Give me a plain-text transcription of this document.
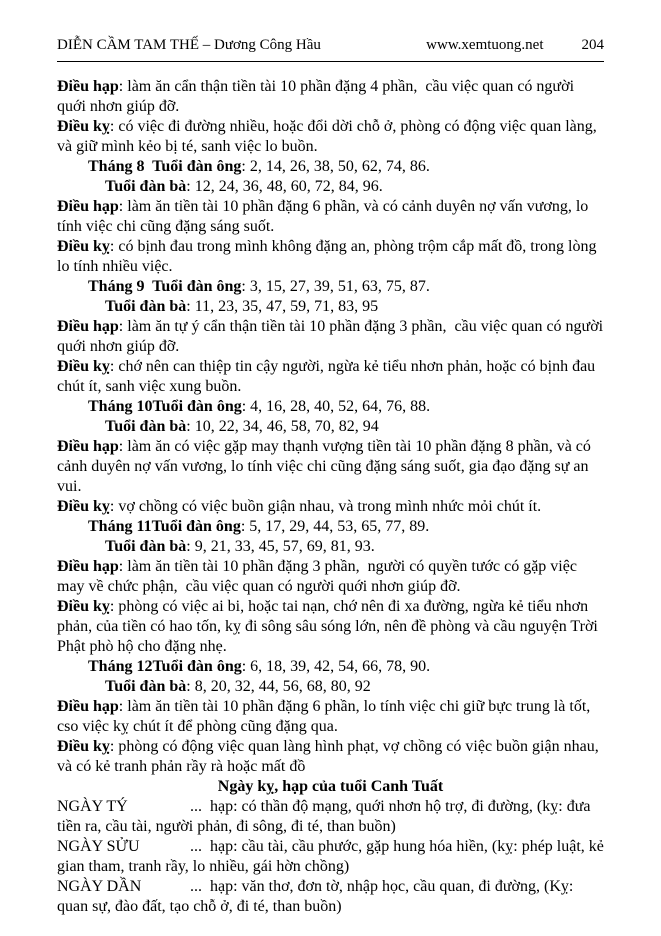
DIỄN CẦM TAM THẾ – Dương Công Hầu	www.xemtuong.net	204
Điều hạp: làm ăn cẩn thận tiền tài 10 phần đặng 4 phần,  cầu việc quan có người quới nhơn giúp đỡ.
Điều kỵ: có việc đi đường nhiều, hoặc đổi dời chỗ ở, phòng có động việc quan làng, và giữ mình kẻo bị té, sanh việc lo buồn.
Tháng 8  Tuổi đàn ông: 2, 14, 26, 38, 50, 62, 74, 86.
Tuổi đàn bà: 12, 24, 36, 48, 60, 72, 84, 96.
Điều hạp: làm ăn tiền tài 10 phần đặng 6 phần, và có cảnh duyên nợ vấn vương, lo tính việc chi cũng đặng sáng suốt.
Điều kỵ: có bịnh đau trong mình không đặng an, phòng trộm cắp mất đồ, trong lòng lo tính nhiều việc.
Tháng 9  Tuổi đàn ông: 3, 15, 27, 39, 51, 63, 75, 87.
Tuổi đàn bà: 11, 23, 35, 47, 59, 71, 83, 95
Điều hạp: làm ăn tự ý cẩn thận tiền tài 10 phần đặng 3 phần,  cầu việc quan có người quới nhơn giúp đỡ.
Điều kỵ: chớ nên can thiệp tin cậy người, ngừa kẻ tiểu nhơn phản, hoặc có bịnh đau chút ít, sanh việc xung buồn.
Tháng 10Tuổi đàn ông: 4, 16, 28, 40, 52, 64, 76, 88.
Tuổi đàn bà: 10, 22, 34, 46, 58, 70, 82, 94
Điều hạp: làm ăn có việc gặp may thạnh vượng tiền tài 10 phần đặng 8 phần, và có cảnh duyên nợ vấn vương, lo tính việc chi cũng đặng sáng suốt, gia đạo đặng sự an vui.
Điều kỵ: vợ chồng có việc buồn giận nhau, và trong mình nhức mỏi chút ít.
Tháng 11Tuổi đàn ông: 5, 17, 29, 44, 53, 65, 77, 89.
Tuổi đàn bà: 9, 21, 33, 45, 57, 69, 81, 93.
Điều hạp: làm ăn tiền tài 10 phần đặng 3 phần,  người có quyền tước có gặp việc may về chức phận,  cầu việc quan có người quới nhơn giúp đỡ.
Điều kỵ: phòng có việc ai bi, hoặc tai nạn, chớ nên đi xa đường, ngừa kẻ tiểu nhơn phản, của tiền có hao tốn, kỵ đi sông sâu sóng lớn, nên đề phòng và cầu nguyện Trời Phật phò hộ cho đặng nhẹ.
Tháng 12Tuổi đàn ông: 6, 18, 39, 42, 54, 66, 78, 90.
Tuổi đàn bà: 8, 20, 32, 44, 56, 68, 80, 92
Điều hạp: làm ăn tiền tài 10 phần đặng 6 phần, lo tính việc chi giữ bực trung là tốt, cso việc kỵ chút ít để phòng cũng đặng qua.
Điều kỵ: phòng có động việc quan làng hình phạt, vợ chồng có việc buồn giận nhau, và có kẻ tranh phản rầy rà hoặc mất đồ
Ngày kỵ, hạp của tuổi Canh Tuất
NGÀY TÝ	...  hạp: có thần độ mạng, quới nhơn hộ trợ, đi đường, (kỵ: đưa tiền ra, cầu tài, người phản, đi sông, đi té, than buồn)
NGÀY SỬU	...  hạp: cầu tài, cầu phước, gặp hung hóa hiền, (kỵ: phép luật, kẻ gian tham, tranh rầy, lo nhiều, gái hờn chồng)
NGÀY DẦN	...  hạp: văn thơ, đơn tờ, nhập học, cầu quan, đi đường, (Kỵ: quan sự, đào đất, tạo chỗ ở, đi té, than buồn)
